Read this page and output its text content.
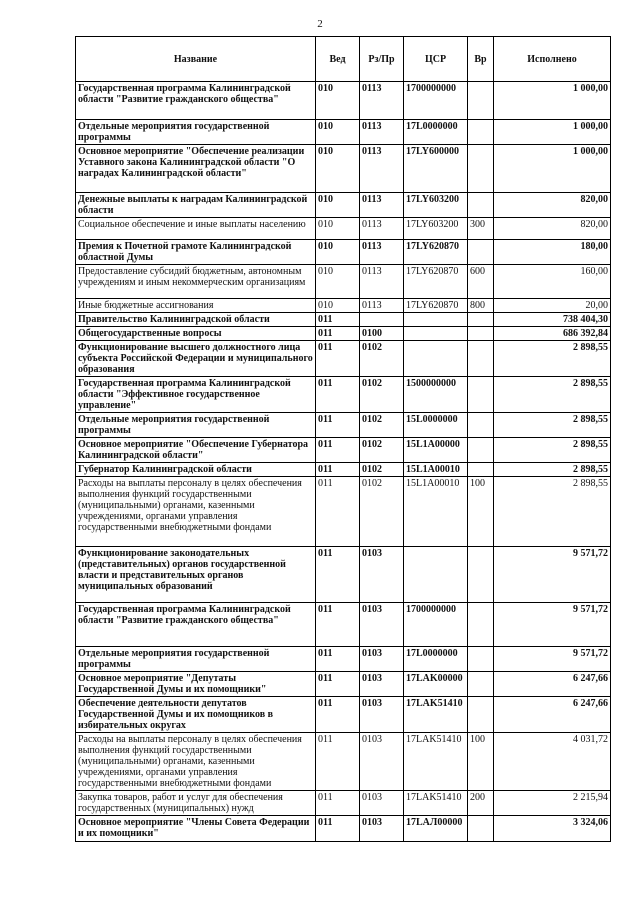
2
Название	Вед	Рз/Пр	ЦСР	Вр	Исполнено
Государственная программа Калининградской области "Развитие гражданского общества"	010	0113	1700000000		1 000,00
Отдельные мероприятия государственной программы	010	0113	17L0000000		1 000,00
Основное мероприятие "Обеспечение реализации Уставного закона Калининградской области "О наградах Калининградской области"	010	0113	17LY600000		1 000,00
Денежные выплаты к наградам Калининградской области	010	0113	17LY603200		820,00
Социальное обеспечение и иные выплаты населению	010	0113	17LY603200	300	820,00
Премия к Почетной грамоте Калининградской областной Думы	010	0113	17LY620870		180,00
Предоставление субсидий бюджетным, автономным учреждениям и иным некоммерческим организациям	010	0113	17LY620870	600	160,00
Иные бюджетные ассигнования	010	0113	17LY620870	800	20,00
Правительство Калининградской области	011				738 404,30
Общегосударственные вопросы	011	0100			686 392,84
Функционирование высшего должностного лица субъекта Российской Федерации и муниципального образования	011	0102			2 898,55
Государственная программа Калининградской области "Эффективное государственное управление"	011	0102	1500000000		2 898,55
Отдельные мероприятия государственной программы	011	0102	15L0000000		2 898,55
Основное мероприятие "Обеспечение Губернатора Калининградской области"	011	0102	15L1A00000		2 898,55
Губернатор Калининградской области	011	0102	15L1A00010		2 898,55
Расходы на выплаты персоналу в целях обеспечения выполнения функций государственными (муниципальными) органами, казенными учреждениями, органами управления государственными внебюджетными фондами	011	0102	15L1A00010	100	2 898,55
Функционирование законодательных (представительных) органов государственной власти и представительных органов муниципальных образований	011	0103			9 571,72
Государственная программа Калининградской области "Развитие гражданского общества"	011	0103	1700000000		9 571,72
Отдельные мероприятия государственной программы	011	0103	17L0000000		9 571,72
Основное мероприятие "Депутаты Государственной Думы и их помощники"	011	0103	17LAK00000		6 247,66
Обеспечение деятельности депутатов Государственной Думы и их помощников в избирательных округах	011	0103	17LAK51410		6 247,66
Расходы на выплаты персоналу в целях обеспечения выполнения функций государственными (муниципальными) органами, казенными учреждениями, органами управления государственными внебюджетными фондами	011	0103	17LAK51410	100	4 031,72
Закупка товаров, работ и услуг для обеспечения государственных (муниципальных) нужд	011	0103	17LAK51410	200	2 215,94
Основное мероприятие "Члены Совета Федерации и их помощники"	011	0103	17LAЛ00000		3 324,06
